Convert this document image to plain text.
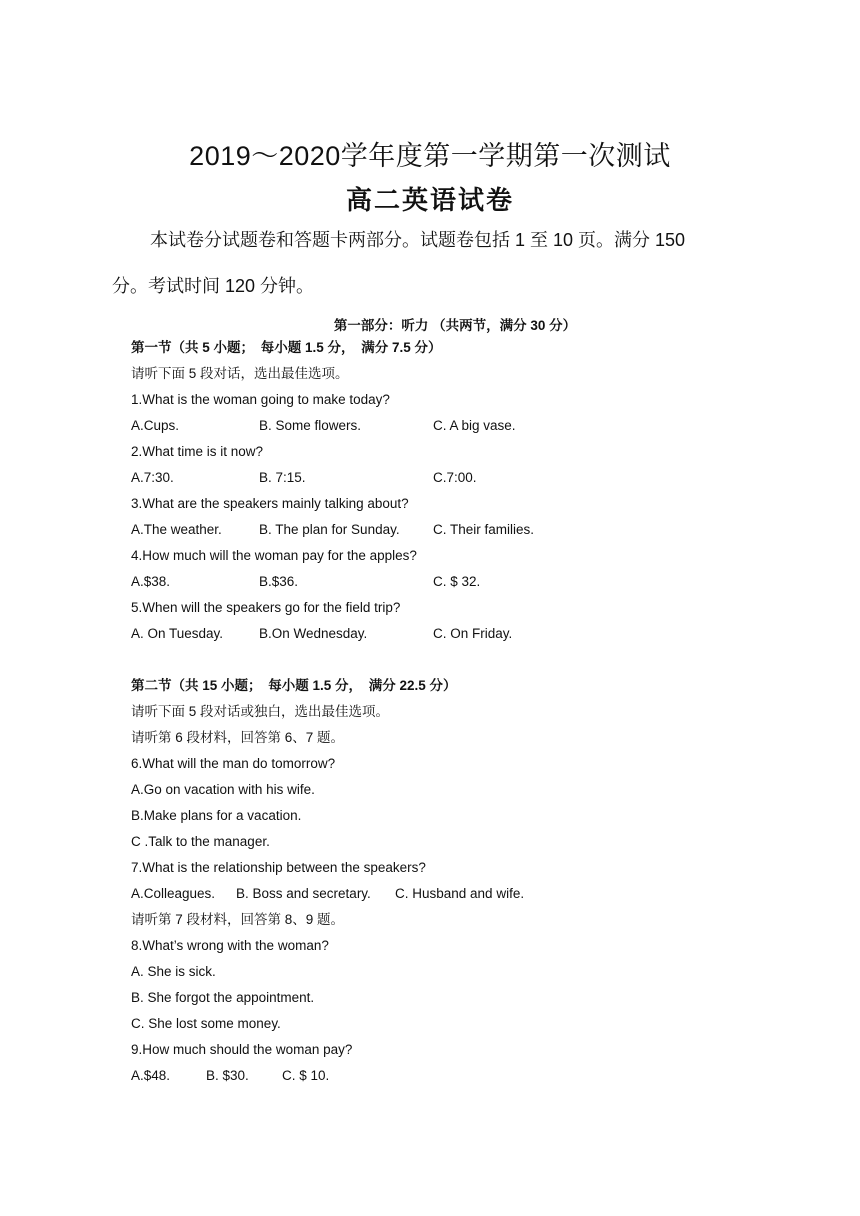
2019～2020学年度第一学期第一次测试
高二英语试卷
本试卷分试题卷和答题卡两部分。试题卷包括 1 至 10 页。满分 150
分。考试时间 120 分钟。
第一部分：听力 （共两节，满分 30 分）
第一节（共 5 小题；　每小题 1.5 分，　满分 7.5 分）
请听下面 5 段对话，选出最佳选项。
1.What is the woman going to make today?
A.Cups.	B. Some flowers.	C. A big vase.
2.What time is it now?
A.7:30.	B. 7:15.	C.7:00.
3.What are the speakers mainly talking about?
A.The weather.	B. The plan for Sunday. C. Their families.
4.How much will the woman pay for the apples?
A.$38.	B.$36.	C. $ 32.
5.When will the speakers go for the field trip?
A. On Tuesday.	B.On Wednesday.	C. On Friday.
第二节（共 15 小题；　每小题 1.5 分，　满分 22.5 分）
请听下面 5 段对话或独白，选出最佳选项。
请听第 6 段材料，回答第 6、7 题。
6.What will the man do tomorrow?
A.Go on vacation with his wife.
B.Make plans for a vacation.
C .Talk to the manager.
7.What is the relationship between the speakers?
A.Colleagues. B. Boss and secretary. C. Husband and wife.
请听第 7 段材料，回答第 8、9 题。
8.What’s wrong with the woman?
A. She is sick.
B. She forgot the appointment.
C. She lost some money.
9.How much should the woman pay?
A.$48.	B. $30. C. $ 10.
